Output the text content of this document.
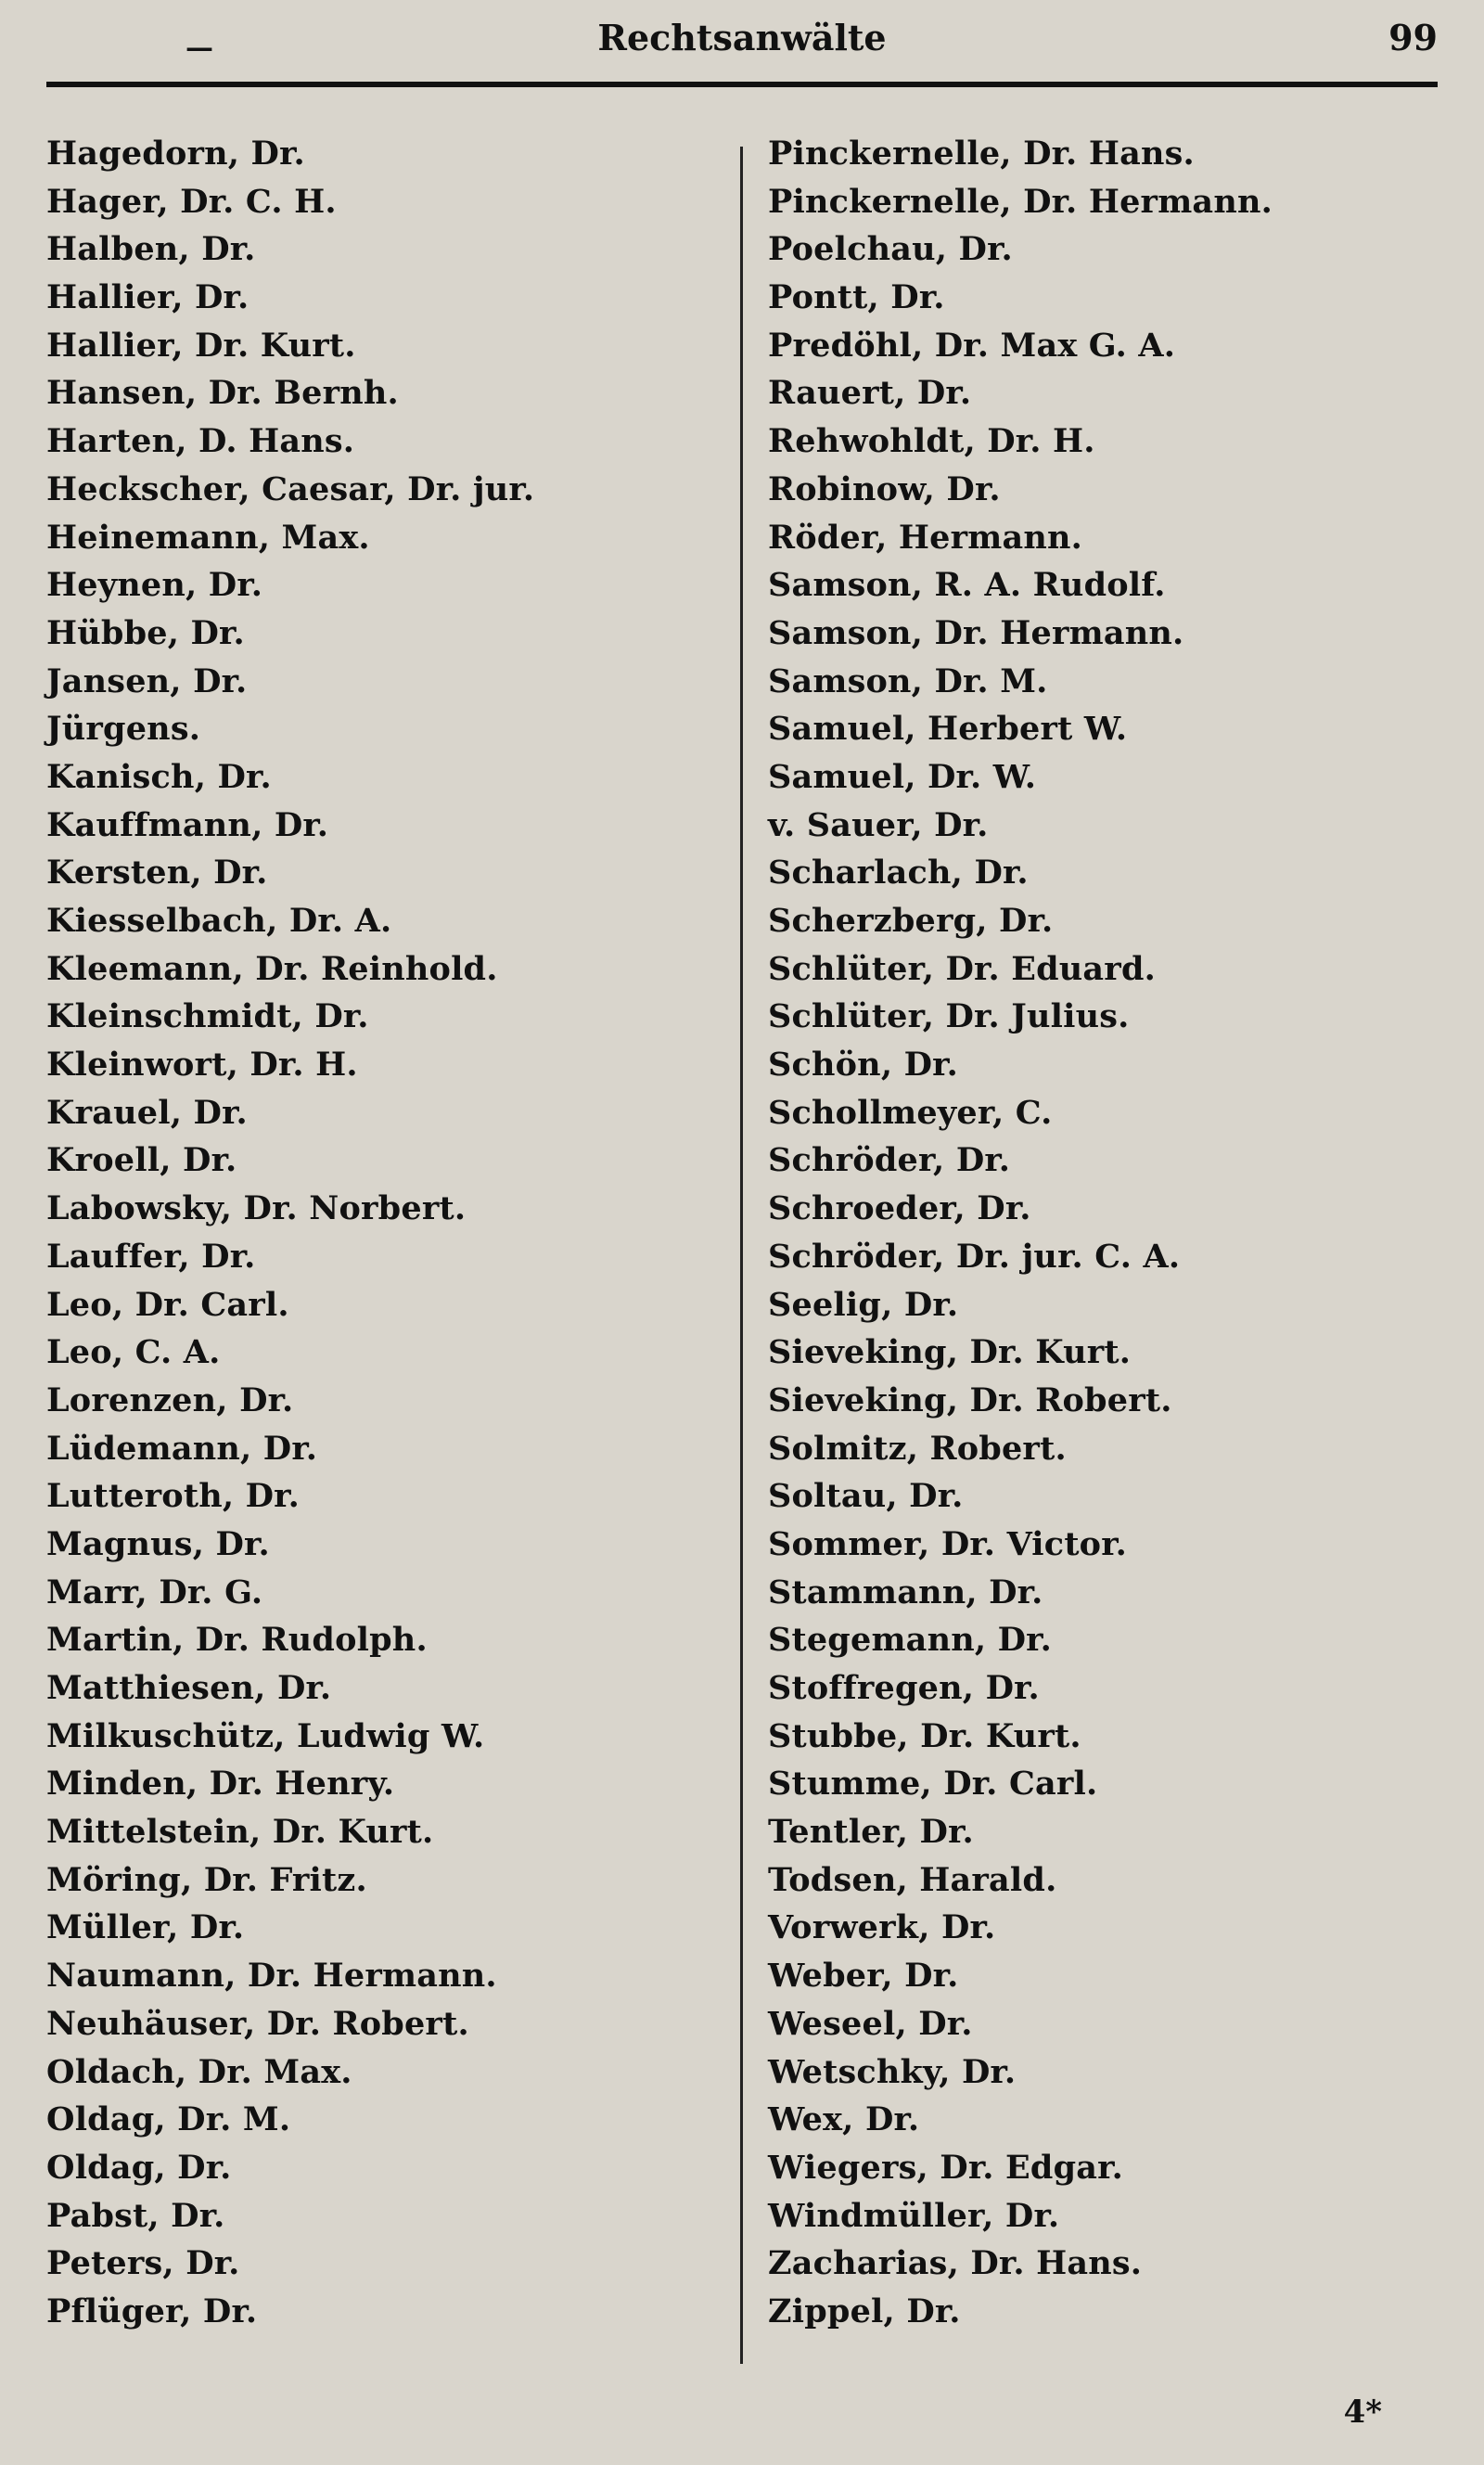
—	Rechtsanwälte	99
Hagedorn, Dr.
Hager, Dr. C. H.
Halben, Dr.
Hallier, Dr.
Hallier, Dr. Kurt.
Hansen, Dr. Bernh.
Harten, D. Hans.
Heckscher, Caesar, Dr. jur.
Heinemann, Max.
Heynen, Dr.
Hübbe, Dr.
Jansen, Dr.
Jürgens.
Kanisch, Dr.
Kauffmann, Dr.
Kersten, Dr.
Kiesselbach, Dr. A.
Kleemann, Dr. Reinhold.
Kleinschmidt, Dr.
Kleinwort, Dr. H.
Krauel, Dr.
Kroell, Dr.
Labowsky, Dr. Norbert.
Lauffer, Dr.
Leo, Dr. Carl.
Leo, C. A.
Lorenzen, Dr.
Lüdemann, Dr.
Lutteroth, Dr.
Magnus, Dr.
Marr, Dr. G.
Martin, Dr. Rudolph.
Matthiesen, Dr.
Milkuschütz, Ludwig W.
Minden, Dr. Henry.
Mittelstein, Dr. Kurt.
Möring, Dr. Fritz.
Müller, Dr.
Naumann, Dr. Hermann.
Neuhäuser, Dr. Robert.
Oldach, Dr. Max.
Oldag, Dr. M.
Oldag, Dr.
Pabst, Dr.
Peters, Dr.
Pflüger, Dr.
Pinckernelle, Dr. Hans.
Pinckernelle, Dr. Hermann.
Poelchau, Dr.
Pontt, Dr.
Predöhl, Dr. Max G. A.
Rauert, Dr.
Rehwohldt, Dr. H.
Robinow, Dr.
Röder, Hermann.
Samson, R. A. Rudolf.
Samson, Dr. Hermann.
Samson, Dr. M.
Samuel, Herbert W.
Samuel, Dr. W.
v. Sauer, Dr.
Scharlach, Dr.
Scherzberg, Dr.
Schlüter, Dr. Eduard.
Schlüter, Dr. Julius.
Schön, Dr.
Schollmeyer, C.
Schröder, Dr.
Schroeder, Dr.
Schröder, Dr. jur. C. A.
Seelig, Dr.
Sieveking, Dr. Kurt.
Sieveking, Dr. Robert.
Solmitz, Robert.
Soltau, Dr.
Sommer, Dr. Victor.
Stammann, Dr.
Stegemann, Dr.
Stoffregen, Dr.
Stubbe, Dr. Kurt.
Stumme, Dr. Carl.
Tentler, Dr.
Todsen, Harald.
Vorwerk, Dr.
Weber, Dr.
Weseel, Dr.
Wetschky, Dr.
Wex, Dr.
Wiegers, Dr. Edgar.
Windmüller, Dr.
Zacharias, Dr. Hans.
Zippel, Dr.
4*
